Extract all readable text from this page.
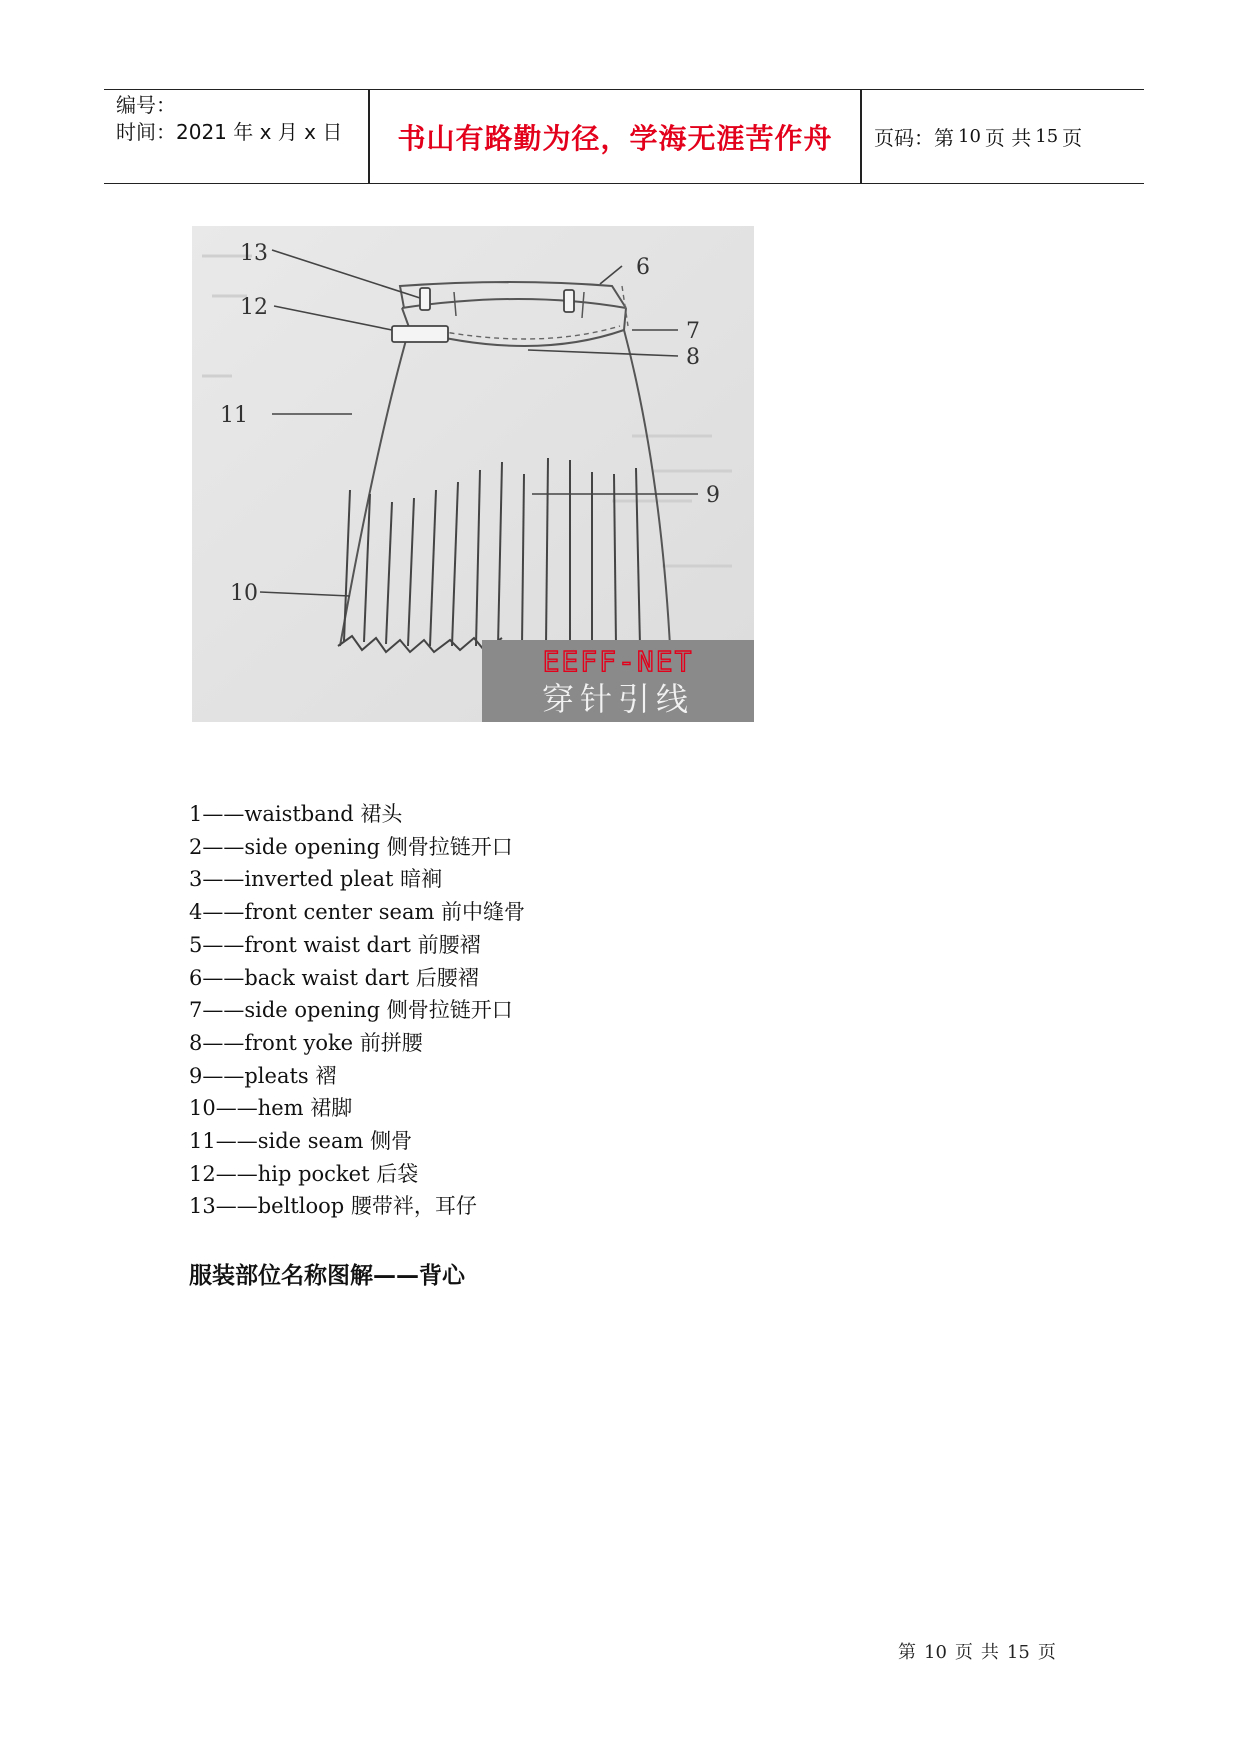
编号：
时间：2021 年 x 月 x 日	书山有路勤为径，学海无涯苦作舟	页码：第 10 页 共 15 页
13
12
6
7
8
11
9
10
EEFF-NET
穿针引线
1——waistband 裙头
2——side opening 侧骨拉链开口
3——inverted pleat 暗裥
4——front center seam 前中缝骨
5——front waist dart 前腰褶
6——back waist dart 后腰褶
7——side opening 侧骨拉链开口
8——front yoke 前拼腰
9——pleats 褶
10——hem 裙脚
11——side seam 侧骨
12——hip pocket 后袋
13——beltloop 腰带袢，耳仔
服装部位名称图解——背心
第 10 页 共 15 页
